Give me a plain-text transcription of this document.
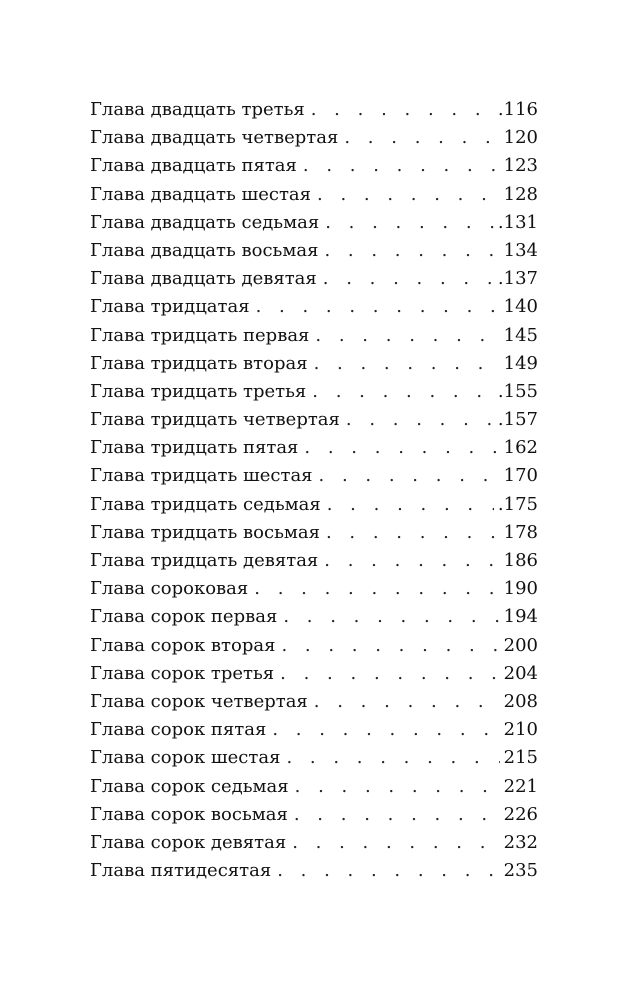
Глава двадцать третья . . .	.116
Глава двадцать четвертая . . .	120
Глава двадцать пятая . . .	123
Глава двадцать шестая . . .	128
Глава двадцать седьмая . . .	.131
Глава двадцать восьмая . . .	134
Глава двадцать девятая . . .	.137
Глава тридцатая . . .	140
Глава тридцать первая . . .	145
Глава тридцать вторая . . .	149
Глава тридцать третья . . .	.155
Глава тридцать четвертая . . .	.157
Глава тридцать пятая . . .	162
Глава тридцать шестая . . .	170
Глава тридцать седьмая . . .	.175
Глава тридцать восьмая . . .	178
Глава тридцать девятая . . .	186
Глава сороковая . . .	190
Глава сорок первая . . .	194
Глава сорок вторая . . .	200
Глава сорок третья . . .	204
Глава сорок четвертая . . .	208
Глава сорок пятая . . .	210
Глава сорок шестая . . .	215
Глава сорок седьмая . . .	221
Глава сорок восьмая . . .	226
Глава сорок девятая . . .	232
Глава пятидесятая . . .	235
